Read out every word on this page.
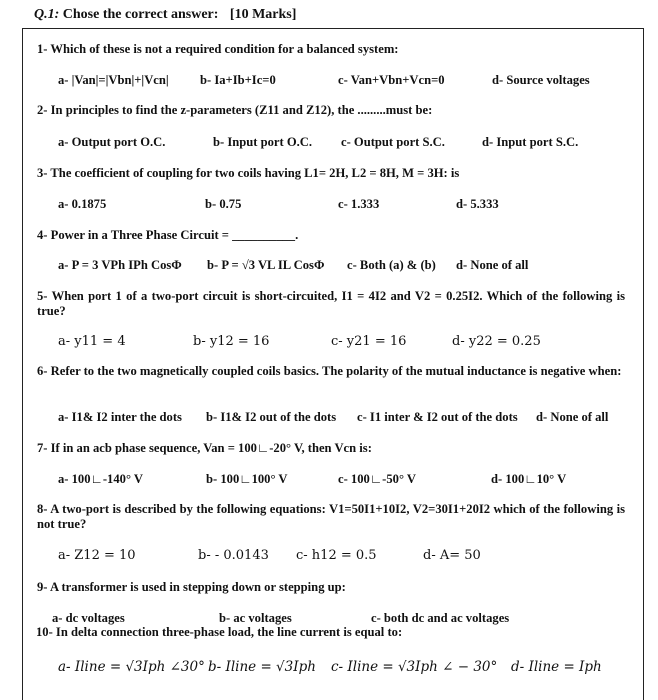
Q.1: Chose the correct answer: [10 Marks]
1- Which of these is not a required condition for a balanced system:
a- |Van|=|Vbn|+|Vcn| b- Ia+Ib+Ic=0	c- Van+Vbn+Vcn=0	d- Source voltages
2- In principles to find the z-parameters (Z11 and Z12), the .........must be:
a- Output port O.C.	b- Input port O.C. c- Output port S.C.	d- Input port S.C.
3- The coefficient of coupling for two coils having L1= 2H, L2 = 8H, M = 3H: is
a- 0.1875	b- 0.75	c- 1.333	d- 5.333
4- Power in a Three Phase Circuit = __________.
a- P = 3 VPh IPh CosΦ b- P = √3 VL IL CosΦ c- Both (a) & (b) d- None of all
5- When port 1 of a two-port circuit is short-circuited, I1 = 4I2 and V2 = 0.25I2. Which of the following is true?
a- y11 = 4	b- y12 = 16	c- y21 = 16	d- y22 = 0.25
6- Refer to the two magnetically coupled coils basics. The polarity of the mutual inductance is negative when:
a- I1& I2 inter the dots b- I1& I2 out of the dots c- I1 inter & I2 out of the dots d- None of all
7- If in an acb phase sequence, Van = 100∟-20° V, then Vcn is:
a- 100∟-140° V	b- 100∟100° V	c- 100∟-50° V	d- 100∟10° V
8- A two-port is described by the following equations: V1=50I1+10I2, V2=30I1+20I2 which of the following is not true?
a- Z12 = 10	b- - 0.0143 c- h12 = 0.5	d- A= 50
9- A transformer is used in stepping down or stepping up:
a- dc voltages	b- ac voltages	c- both dc and ac voltages
10- In delta connection three-phase load, the line current is equal to:
a- Iline = √3Iph ∠30° b- Iline = √3Iph c- Iline = √3Iph ∠ − 30° d- Iline = Iph
